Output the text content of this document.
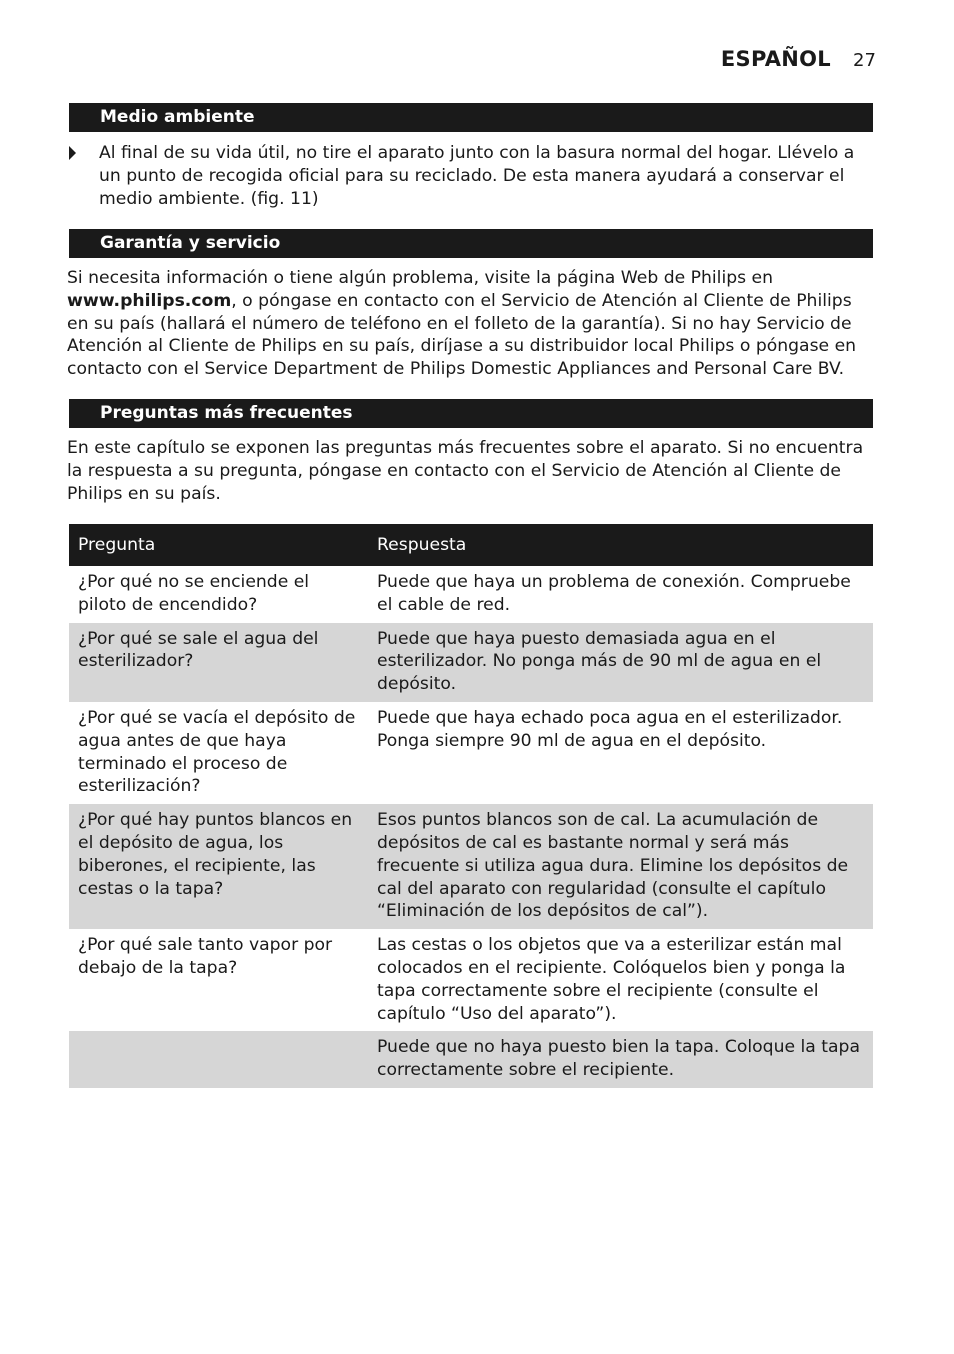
ESPAÑOL 27
Medio ambiente
Al final de su vida útil, no tire el aparato junto con la basura normal del hogar. Llévelo a un punto de recogida oficial para su reciclado. De esta manera ayudará a conservar el medio ambiente. (fig. 11)
Garantía y servicio
Si necesita información o tiene algún problema, visite la página Web de Philips en www.philips.com, o póngase en contacto con el Servicio de Atención al Cliente de Philips en su país (hallará el número de teléfono en el folleto de la garantía). Si no hay Servicio de Atención al Cliente de Philips en su país, diríjase a su distribuidor local Philips o póngase en contacto con el Service Department de Philips Domestic Appliances and Personal Care BV.
Preguntas más frecuentes
En este capítulo se exponen las preguntas más frecuentes sobre el aparato. Si no encuentra la respuesta a su pregunta, póngase en contacto con el Servicio de Atención al Cliente de Philips en su país.
Pregunta	Respuesta
¿Por qué no se enciende el piloto de encendido?	Puede que haya un problema de conexión. Compruebe el cable de red.
¿Por qué se sale el agua del esterilizador?	Puede que haya puesto demasiada agua en el esterilizador. No ponga más de 90 ml de agua en el depósito.
¿Por qué se vacía el depósito de agua antes de que haya terminado el proceso de esterilización?	Puede que haya echado poca agua en el esterilizador. Ponga siempre 90 ml de agua en el depósito.
¿Por qué hay puntos blancos en el depósito de agua, los biberones, el recipiente, las cestas o la tapa?	Esos puntos blancos son de cal. La acumulación de depósitos de cal es bastante normal y será más frecuente si utiliza agua dura. Elimine los depósitos de cal del aparato con regularidad (consulte el capítulo “Eliminación de los depósitos de cal”).
¿Por qué sale tanto vapor por debajo de la tapa?	Las cestas o los objetos que va a esterilizar están mal colocados en el recipiente. Colóquelos bien y ponga la tapa correctamente sobre el recipiente (consulte el capítulo “Uso del aparato”).
	Puede que no haya puesto bien la tapa. Coloque la tapa correctamente sobre el recipiente.
